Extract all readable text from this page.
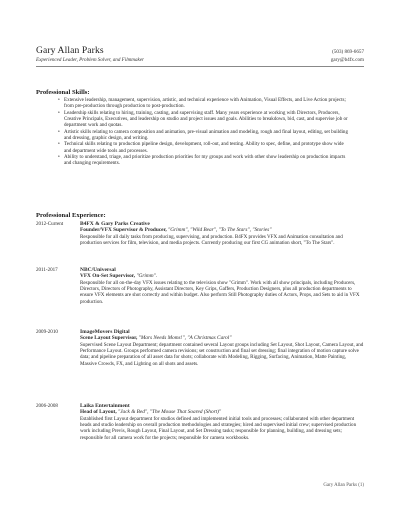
Gary Allan Parks
Experienced Leader, Problem Solver, and Filmmaker
(503) 869-6657
gary@b4fx.com
Professional Skills:
• Extensive leadership, management, supervision, artistic, and technical experience with Animation, Visual Effects, and Live Action projects; from pre-production through production to post-production.
• Leadership skills relating to hiring, training, casting, and supervising staff. Many years experience at working with Directors, Producers, Creative Principals, Executives, and leadership on studio and project issues and goals. Abilities to breakdown, bid, cast, and supervise job or department work and quotas.
• Artistic skills relating to camera composition and animation, pre-visual animation and modeling, rough and final layout, editing, set building and dressing, graphic design, and writing.
• Technical skills relating to production pipeline design, development, roll-out, and testing. Ability to spec, define, and prototype show wide and department wide tools and processes.
• Ability to understand, triage, and prioritize production priorities for my groups and work with other show leadership on production impacts and changing requirements.
Professional Experience:
2012-Current	B4FX & Gary Parks Creative
Founder/VFX Supervisor & Producer, "Grimm", "Wild Bear", "To The Stars", "Stories"
Responsible for all daily tasks from producing, supervising, and production. B4FX provides VFX and Animation consultation and production services for film, television, and media projects. Currently producing our first CG animation short, "To The Stars".
2011-2017	NBC/Universal
VFX On-Set Supervisor, "Grimm".
Responsible for all on-the-day VFX issues relating to the television show "Grimm". Work with all show principals, including Producers, Directors, Directors of Photography, Assistant Directors, Key Grips, Gaffers, Production Designers, plus all production departments to ensure VFX elements are shot correctly and within budget. Also perform Still Photography duties of Actors, Props, and Sets to aid in VFX production.
2009-2010	ImageMovers Digital
Scene Layout Supervisor, "Mars Needs Moms!", "A Christmas Carol"
Supervised Scene Layout Department; department contained several Layout groups including Set Layout, Shot Layout, Camera Layout, and Performance Layout. Groups performed camera revisions; set construction and final set dressing; final integration of motion capture solve data; and pipeline preparation of all asset data for shots; collaborate with Modeling, Rigging, Surfacing, Animation, Matte Painting, Massive Crowds, FX, and Lighting on all shots and assets.
2006-2008	Laika Entertainment
Head of Layout, "Jack & Bed", "The Mouse That Soared (Short)"
Established first Layout department for studios defined and implemented initial tools and processes; collaborated with other department heads and studio leadership on overall production methodologies and strategies; hired and supervised initial crew; supervised production work including Previs, Rough Layout, Final Layout, and Set Dressing tasks; responsible for planning, building, and dressing sets; responsible for all camera work for the projects; responsible for camera workbooks.
Gary Allan Parks (1)
